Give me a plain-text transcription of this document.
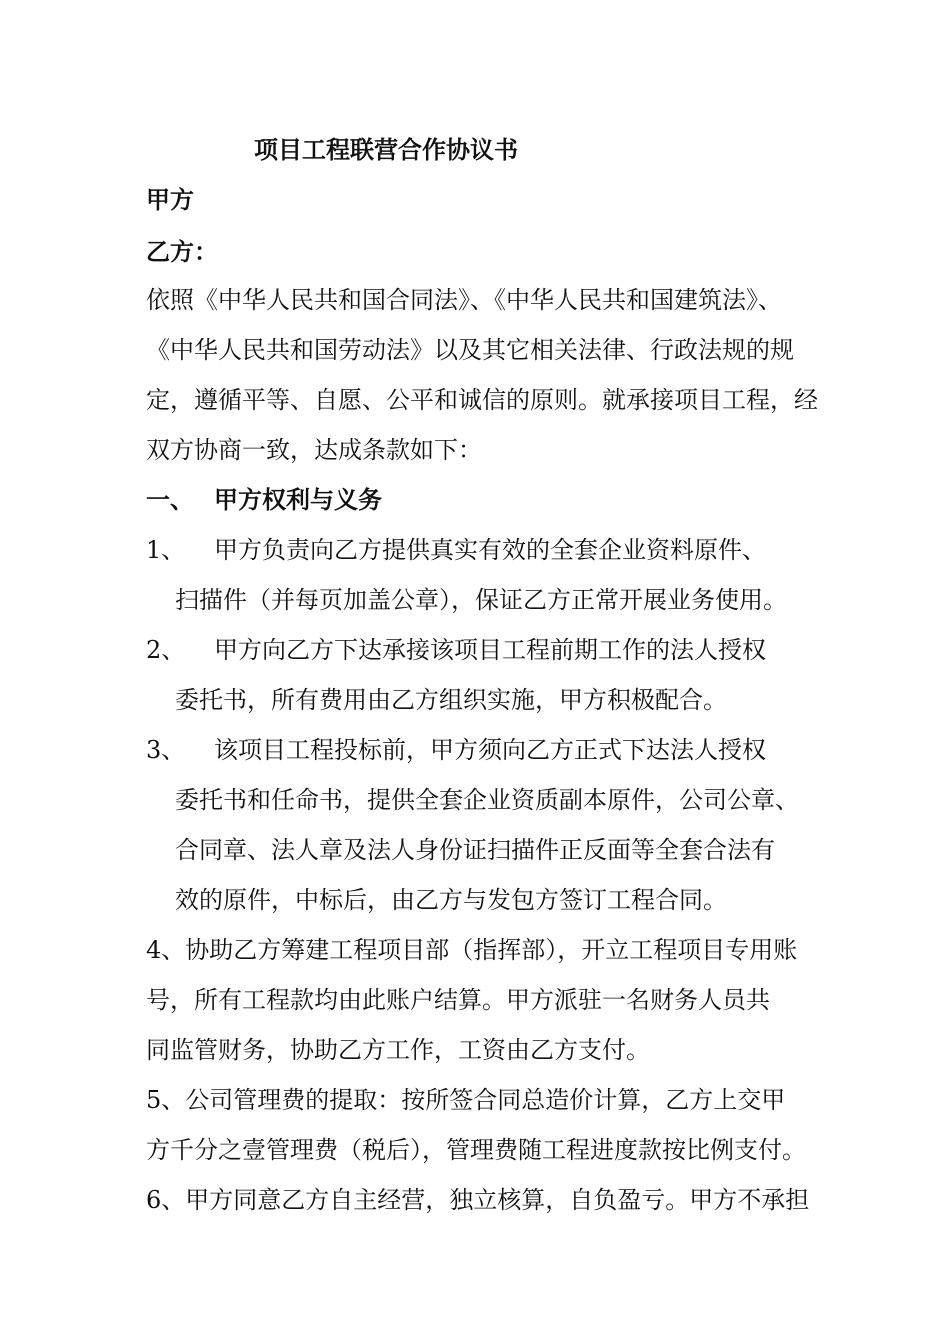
项目工程联营合作协议书
甲方
乙方：
依照《中华人民共和国合同法》、《中华人民共和国建筑法》、
《中华人民共和国劳动法》以及其它相关法律、行政法规的规
定，遵循平等、自愿、公平和诚信的原则。就承接项目工程，经
双方协商一致，达成条款如下：
一、 甲方权利与义务
1、 甲方负责向乙方提供真实有效的全套企业资料原件、
扫描件（并每页加盖公章），保证乙方正常开展业务使用。
2、 甲方向乙方下达承接该项目工程前期工作的法人授权
委托书，所有费用由乙方组织实施，甲方积极配合。
3、 该项目工程投标前，甲方须向乙方正式下达法人授权
委托书和任命书，提供全套企业资质副本原件，公司公章、
合同章、法人章及法人身份证扫描件正反面等全套合法有
效的原件，中标后，由乙方与发包方签订工程合同。
4、协助乙方筹建工程项目部（指挥部），开立工程项目专用账
号，所有工程款均由此账户结算。甲方派驻一名财务人员共
同监管财务，协助乙方工作，工资由乙方支付。
5、公司管理费的提取：按所签合同总造价计算，乙方上交甲
方千分之壹管理费（税后），管理费随工程进度款按比例支付。
6、甲方同意乙方自主经营，独立核算，自负盈亏。甲方不承担
